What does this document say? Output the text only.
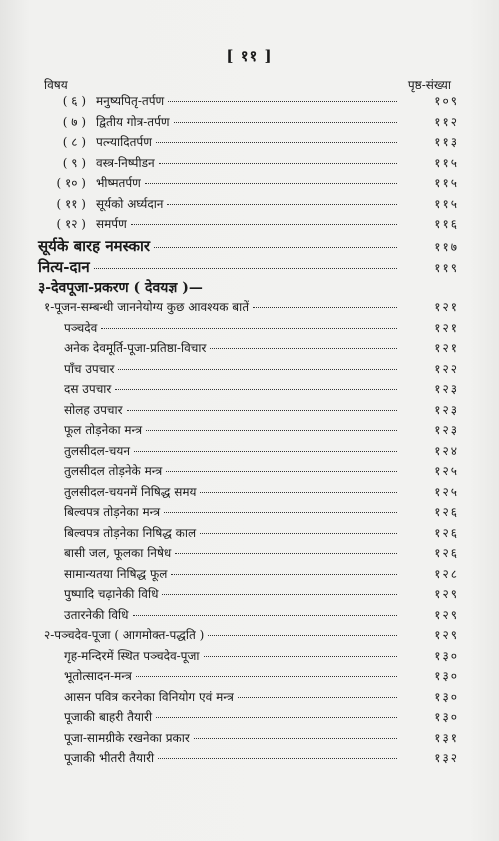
[ ११ ]
विषय	पृष्ठ-संख्या
( ६ ) मनुष्यपितृ-तर्पण	१०९
( ७ ) द्वितीय गोत्र-तर्पण	११२
( ८ ) पत्न्यादितर्पण	११३
( ९ ) वस्त्र-निष्पीडन	११५
( १० ) भीष्मतर्पण	११५
( ११ ) सूर्यको अर्घ्यदान	११५
( १२ ) समर्पण	११६
सूर्यके बारह नमस्कार	११७
नित्य-दान	११९
३-देवपूजा-प्रकरण ( देवयज्ञ )—
१-पूजन-सम्बन्धी जाननेयोग्य कुछ आवश्यक बातें	१२१
पञ्चदेव	१२१
अनेक देवमूर्ति-पूजा-प्रतिष्ठा-विचार	१२१
पाँच उपचार	१२२
दस उपचार	१२३
सोलह उपचार	१२३
फूल तोड़नेका मन्त्र	१२३
तुलसीदल-चयन	१२४
तुलसीदल तोड़नेके मन्त्र	१२५
तुलसीदल-चयनमें निषिद्ध समय	१२५
बिल्वपत्र तोड़नेका मन्त्र	१२६
बिल्वपत्र तोड़नेका निषिद्ध काल	१२६
बासी जल, फूलका निषेध	१२६
सामान्यतया निषिद्ध फूल	१२८
पुष्पादि चढ़ानेकी विधि	१२९
उतारनेकी विधि	१२९
२-पञ्चदेव-पूजा ( आगमोक्त-पद्धति )	१२९
गृह-मन्दिरमें स्थित पञ्चदेव-पूजा	१३०
भूतोत्सादन-मन्त्र	१३०
आसन पवित्र करनेका विनियोग एवं मन्त्र	१३०
पूजाकी बाहरी तैयारी	१३०
पूजा-सामग्रीके रखनेका प्रकार	१३१
पूजाकी भीतरी तैयारी	१३२
